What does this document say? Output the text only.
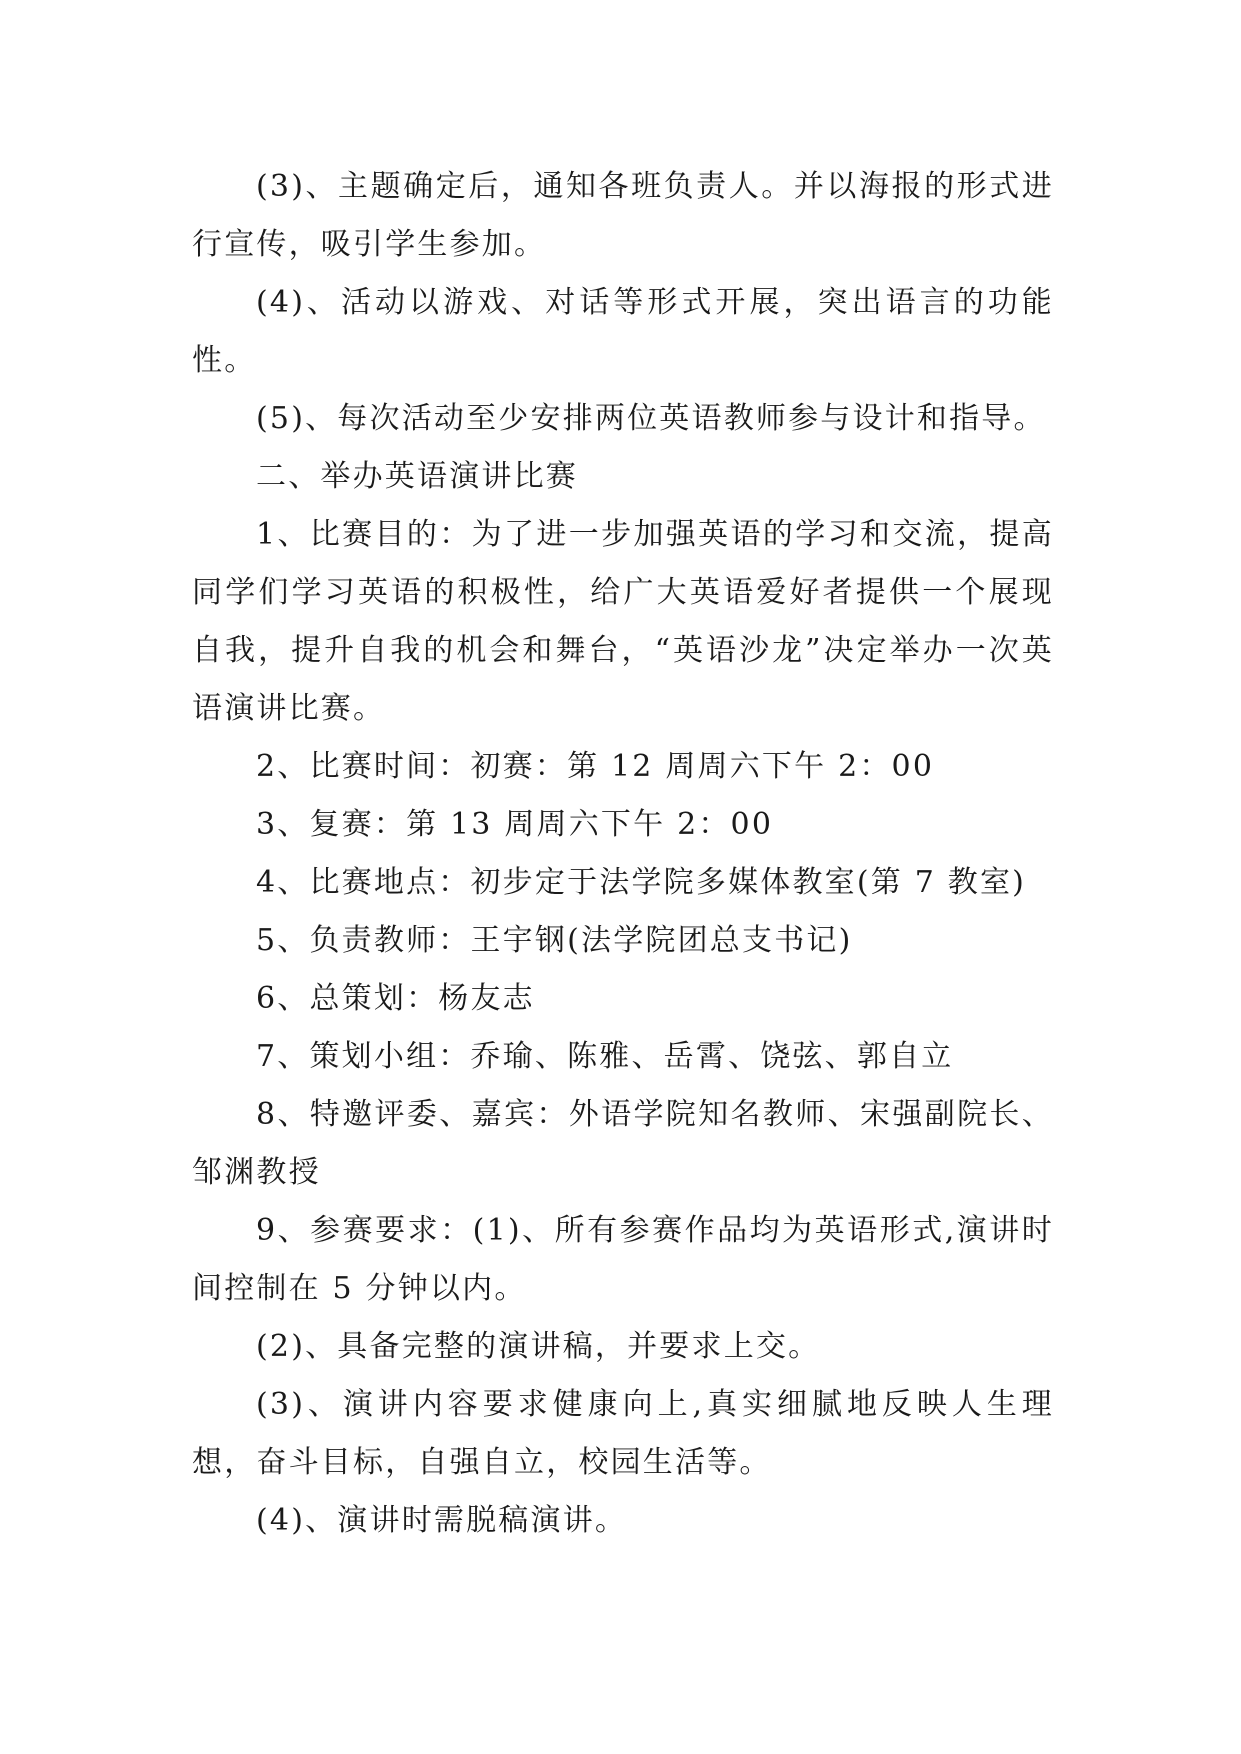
(3)、主题确定后，通知各班负责人。并以海报的形式进行宣传，吸引学生参加。

(4)、活动以游戏、对话等形式开展，突出语言的功能性。

(5)、每次活动至少安排两位英语教师参与设计和指导。

二、举办英语演讲比赛

1、比赛目的：为了进一步加强英语的学习和交流，提高同学们学习英语的积极性，给广大英语爱好者提供一个展现自我，提升自我的机会和舞台，“英语沙龙”决定举办一次英语演讲比赛。

2、比赛时间：初赛：第 12 周周六下午 2：00

3、复赛：第 13 周周六下午 2：00

4、比赛地点：初步定于法学院多媒体教室(第 7 教室)

5、负责教师：王宇钢(法学院团总支书记)

6、总策划：杨友志

7、策划小组：乔瑜、陈雅、岳霄、饶弦、郭自立

8、特邀评委、嘉宾：外语学院知名教师、宋强副院长、邹渊教授

9、参赛要求：(1)、所有参赛作品均为英语形式,演讲时间控制在 5 分钟以内。

(2)、具备完整的演讲稿，并要求上交。

(3)、演讲内容要求健康向上,真实细腻地反映人生理想，奋斗目标，自强自立，校园生活等。

(4)、演讲时需脱稿演讲。
